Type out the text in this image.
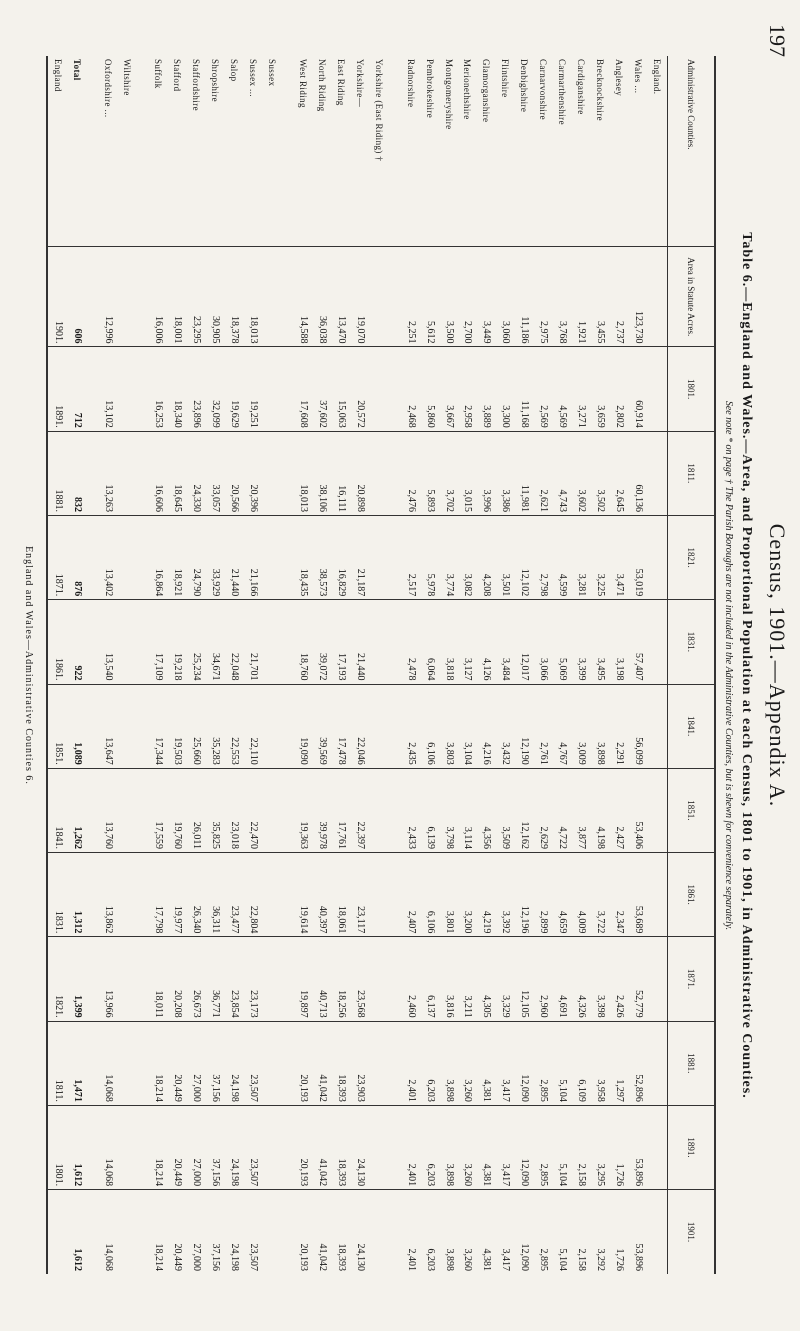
197
Census, 1901.—Appendix A.
Table 6.—England and Wales.—Area, and Proportional Population at each Census, 1801 to 1901, in Administrative Counties.
See note * on page † The Parish Boroughs are not included in the Administrative Counties, but is shewn for convenience separately.
Administrative Counties.	Area in Statute Acres.	1801.	1811.	1821.	1831.	1841.	1851.	1861.	1871.	1881.	1891.	1901.
England.												
Wales ...	123,730	60,914	60,136	53,019	57,407	56,099	53,406	53,689	52,779	52,896	53,896	53,896
Anglesey	2,737	2,802	2,645	3,471	3,198	2,291	2,427	2,347	2,426	1,297	1,726	1,726
Brecknockshire	3,455	3,659	3,502	3,225	3,495	3,898	4,198	3,722	3,398	3,958	3,295	3,292
Cardiganshire	1,921	3,271	3,602	3,281	3,399	3,009	3,877	4,009	4,326	6,109	2,158	2,158
Carmarthenshire	3,768	4,569	4,743	4,599	5,069	4,767	4,722	4,659	4,691	5,104	5,104	5,104
Carnarvonshire	2,975	2,569	2,621	2,798	3,066	2,761	2,629	2,899	2,960	2,895	2,895	2,895
Denbighshire	11,186	11,168	11,981	12,102	12,017	12,190	12,162	12,196	12,105	12,090	12,090	12,090
Flintshire	3,060	3,300	3,386	3,501	3,484	3,432	3,509	3,392	3,329	3,417	3,417	3,417
Glamorganshire	3,449	3,889	3,996	4,208	4,126	4,216	4,356	4,219	4,305	4,381	4,381	4,381
Merionethshire	2,700	2,958	3,015	3,082	3,127	3,104	3,114	3,200	3,211	3,260	3,260	3,260
Montgomeryshire	3,500	3,667	3,702	3,774	3,818	3,803	3,798	3,801	3,816	3,898	3,898	3,898
Pembrokeshire	5,612	5,860	5,893	5,978	6,064	6,106	6,139	6,106	6,137	6,203	6,203	6,203
Radnorshire	2,251	2,468	2,476	2,517	2,478	2,435	2,433	2,407	2,460	2,401	2,401	2,401

Yorkshire (East Riding) †												
Yorkshire—	19,070	20,572	20,898	21,187	21,440	22,046	22,397	23,117	23,568	23,903	24,130	24,130
East Riding	13,470	15,063	16,111	16,829	17,193	17,478	17,761	18,061	18,256	18,393	18,393	18,393
North Riding	36,038	37,602	38,106	38,573	39,072	39,569	39,978	40,397	40,713	41,042	41,042	41,042
West Riding	14,588	17,608	18,013	18,435	18,760	19,090	19,363	19,614	19,897	20,193	20,193	20,193

Sussex												
Sussex ...	18,013	19,251	20,396	21,166	21,701	22,110	22,470	22,804	23,173	23,507	23,507	23,507
Salop	18,378	19,629	20,566	21,440	22,048	22,553	23,018	23,477	23,854	24,198	24,198	24,198
Shropshire	30,905	32,099	33,057	33,929	34,671	35,283	35,825	36,311	36,771	37,156	37,156	37,156
Staffordshire	23,295	23,896	24,330	24,790	25,234	25,660	26,011	26,340	26,673	27,000	27,000	27,000
Stafford	18,001	18,340	18,645	18,921	19,218	19,503	19,760	19,977	20,208	20,449	20,449	20,449
Suffolk	16,006	16,253	16,606	16,864	17,109	17,344	17,559	17,798	18,011	18,214	18,214	18,214

Wiltshire												
Oxfordshire ...	12,996	13,102	13,263	13,402	13,540	13,647	13,760	13,862	13,966	14,068	14,068	14,068

Total	606	712	832	876	922	1,089	1,262	1,312	1,399	1,471	1,612	1,612
England	1901.	1891.	1881.	1871.	1861.	1851.	1841.	1831.	1821.	1811.	1801.	
England and Wales—Administrative Counties 6.
